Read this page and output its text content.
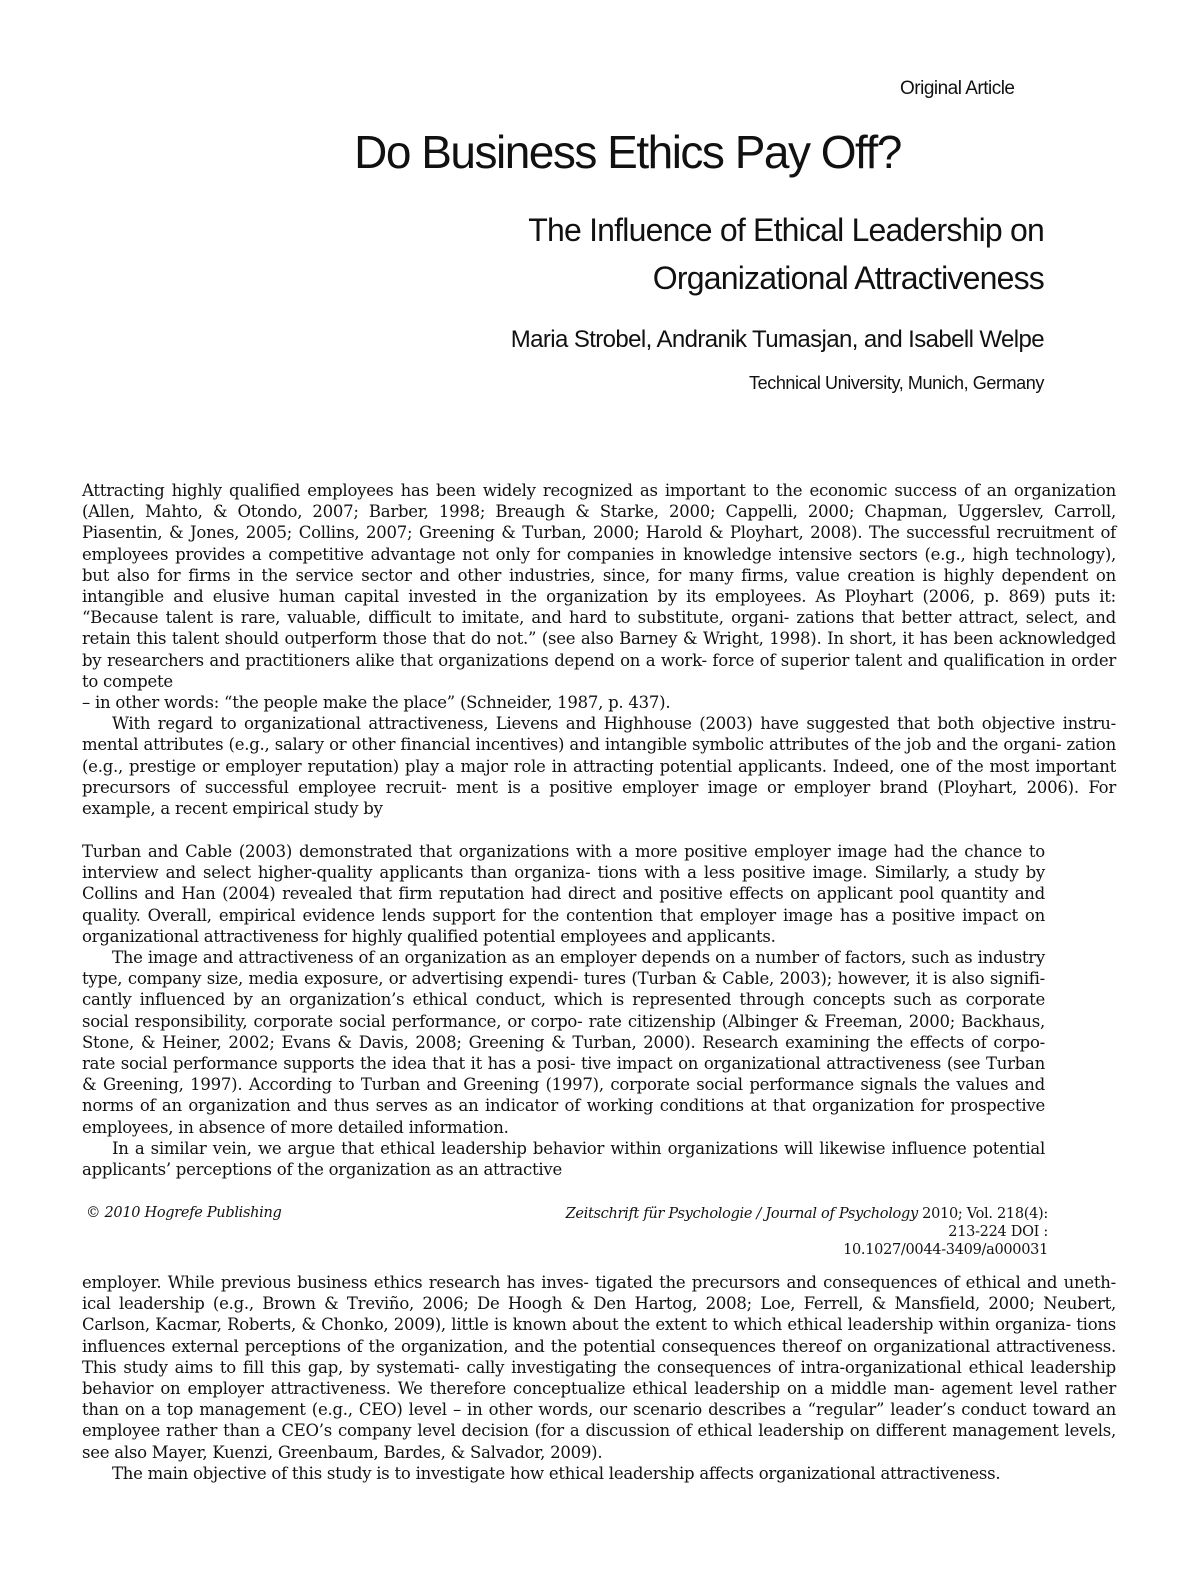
Original Article
Do Business Ethics Pay Off?
The Influence of Ethical Leadership on
Organizational Attractiveness
Maria Strobel, Andranik Tumasjan, and Isabell Welpe
Technical University, Munich, Germany

Attracting highly qualified employees has been widely recognized as important to the economic success of an organization (Allen, Mahto, & Otondo, 2007; Barber, 1998; Breaugh & Starke, 2000; Cappelli, 2000; Chapman, Uggerslev, Carroll, Piasentin, & Jones, 2005; Collins, 2007; Greening & Turban, 2000; Harold & Ployhart, 2008). The successful recruitment of employees provides a competitive advantage not only for companies in knowledge intensive sectors (e.g., high technology), but also for firms in the service sector and other industries, since, for many firms, value creation is highly dependent on intangible and elusive human capital invested in the organization by its employees. As Ployhart (2006, p. 869) puts it: “Because talent is rare, valuable, difficult to imitate, and hard to substitute, organi- zations that better attract, select, and retain this talent should outperform those that do not.” (see also Barney & Wright, 1998). In short, it has been acknowledged by researchers and practitioners alike that organizations depend on a work- force of superior talent and qualification in order to compete

– in other words: “the people make the place” (Schneider, 1987, p. 437).

With regard to organizational attractiveness, Lievens and Highhouse (2003) have suggested that both objective instru- mental attributes (e.g., salary or other financial incentives) and intangible symbolic attributes of the job and the organi- zation (e.g., prestige or employer reputation) play a major role in attracting potential applicants. Indeed, one of the most important precursors of successful employee recruit- ment is a positive employer image or employer brand (Ployhart, 2006). For example, a recent empirical study by

Turban and Cable (2003) demonstrated that organizations with a more positive employer image had the chance to interview and select higher-quality applicants than organiza- tions with a less positive image. Similarly, a study by Collins and Han (2004) revealed that firm reputation had direct and positive effects on applicant pool quantity and quality. Overall, empirical evidence lends support for the contention that employer image has a positive impact on organizational attractiveness for highly qualified potential employees and applicants.

The image and attractiveness of an organization as an employer depends on a number of factors, such as industry type, company size, media exposure, or advertising expendi- tures (Turban & Cable, 2003); however, it is also signifi- cantly influenced by an organization’s ethical conduct, which is represented through concepts such as corporate social responsibility, corporate social performance, or corpo- rate citizenship (Albinger & Freeman, 2000; Backhaus, Stone, & Heiner, 2002; Evans & Davis, 2008; Greening & Turban, 2000). Research examining the effects of corpo- rate social performance supports the idea that it has a posi- tive impact on organizational attractiveness (see Turban & Greening, 1997). According to Turban and Greening (1997), corporate social performance signals the values and norms of an organization and thus serves as an indicator of working conditions at that organization for prospective employees, in absence of more detailed information.

In a similar vein, we argue that ethical leadership behavior within organizations will likewise influence potential applicants’ perceptions of the organization as an attractive

© 2010 Hogrefe Publishing	Zeitschrift für Psychologie / Journal of Psychology 2010; Vol. 218(4):
213-224 DOI :
10.1027/0044-3409/a000031

employer. While previous business ethics research has inves- tigated the precursors and consequences of ethical and uneth- ical leadership (e.g., Brown & Treviño, 2006; De Hoogh & Den Hartog, 2008; Loe, Ferrell, & Mansfield, 2000; Neubert, Carlson, Kacmar, Roberts, & Chonko, 2009), little is known about the extent to which ethical leadership within organiza- tions influences external perceptions of the organization, and the potential consequences thereof on organizational attractiveness. This study aims to fill this gap, by systemati- cally investigating the consequences of intra-organizational ethical leadership behavior on employer attractiveness. We therefore conceptualize ethical leadership on a middle man- agement level rather than on a top management (e.g., CEO) level – in other words, our scenario describes a “regular” leader’s conduct toward an employee rather than a CEO’s company level decision (for a discussion of ethical leadership on different management levels, see also Mayer, Kuenzi, Greenbaum, Bardes, & Salvador, 2009).

The main objective of this study is to investigate how ethical leadership affects organizational attractiveness.
